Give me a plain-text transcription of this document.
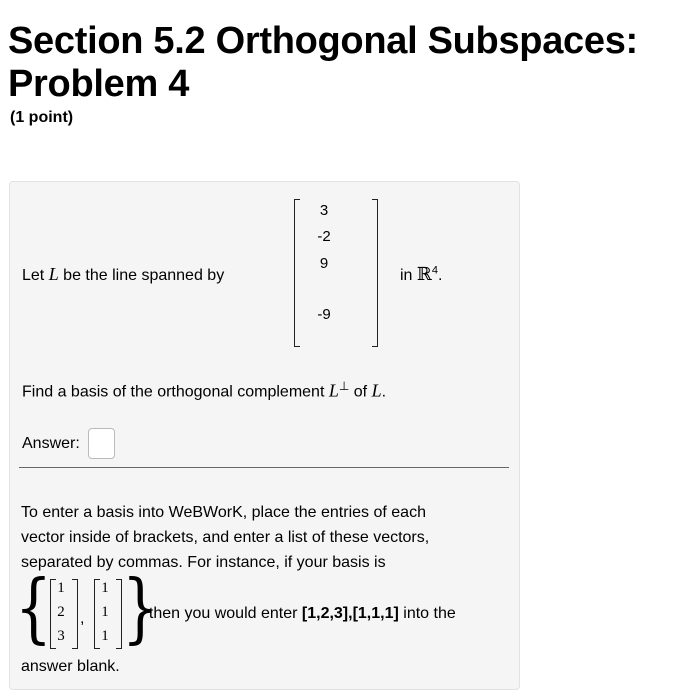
Section 5.2 Orthogonal Subspaces: Problem 4
(1 point)
Let L be the line spanned by
3
-2
9
-9
in ℝ$^4$.
Find a basis of the orthogonal complement L⊥ of L.
Answer:
To enter a basis into WeBWorK, place the entries of each
vector inside of brackets, and enter a list of these vectors,
separated by commas. For instance, if your basis is
{ 1
2
3
,
1
1
1 }
, then you would enter [1,2,3],[1,1,1] into the
answer blank.
